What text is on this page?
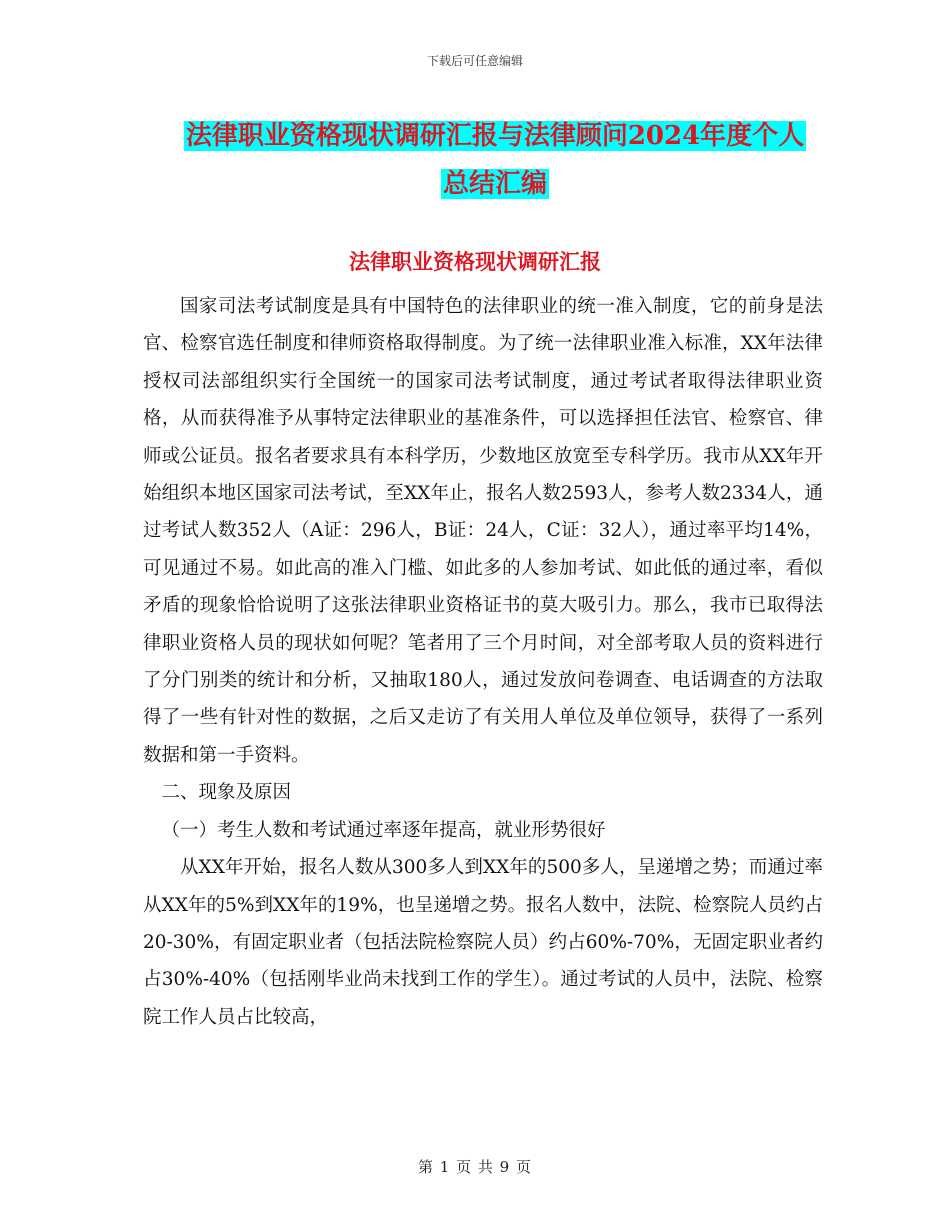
下载后可任意编辑
法律职业资格现状调研汇报与法律顾问2024年度个人
总结汇编
法律职业资格现状调研汇报

国家司法考试制度是具有中国特色的法律职业的统一准入制度，它的前身是法官、检察官选任制度和律师资格取得制度。为了统一法律职业准入标准，XX年法律授权司法部组织实行全国统一的国家司法考试制度，通过考试者取得法律职业资格，从而获得准予从事特定法律职业的基准条件，可以选择担任法官、检察官、律师或公证员。报名者要求具有本科学历，少数地区放宽至专科学历。我市从XX年开始组织本地区国家司法考试，至XX年止，报名人数2593人，参考人数2334人，通过考试人数352人（A证：296人，B证：24人，C证：32人），通过率平均14%，可见通过不易。如此高的准入门槛、如此多的人参加考试、如此低的通过率，看似矛盾的现象恰恰说明了这张法律职业资格证书的莫大吸引力。那么，我市已取得法律职业资格人员的现状如何呢？笔者用了三个月时间，对全部考取人员的资料进行了分门别类的统计和分析，又抽取180人，通过发放问卷调查、电话调查的方法取得了一些有针对性的数据，之后又走访了有关用人单位及单位领导，获得了一系列数据和第一手资料。

二、现象及原因

（一）考生人数和考试通过率逐年提高，就业形势很好

从XX年开始，报名人数从300多人到XX年的500多人，呈递增之势；而通过率从XX年的5%到XX年的19%，也呈递增之势。报名人数中，法院、检察院人员约占20-30%，有固定职业者（包括法院检察院人员）约占60%-70%，无固定职业者约占30%-40%（包括刚毕业尚未找到工作的学生）。通过考试的人员中，法院、检察院工作人员占比较高，

第 1 页 共 9 页
